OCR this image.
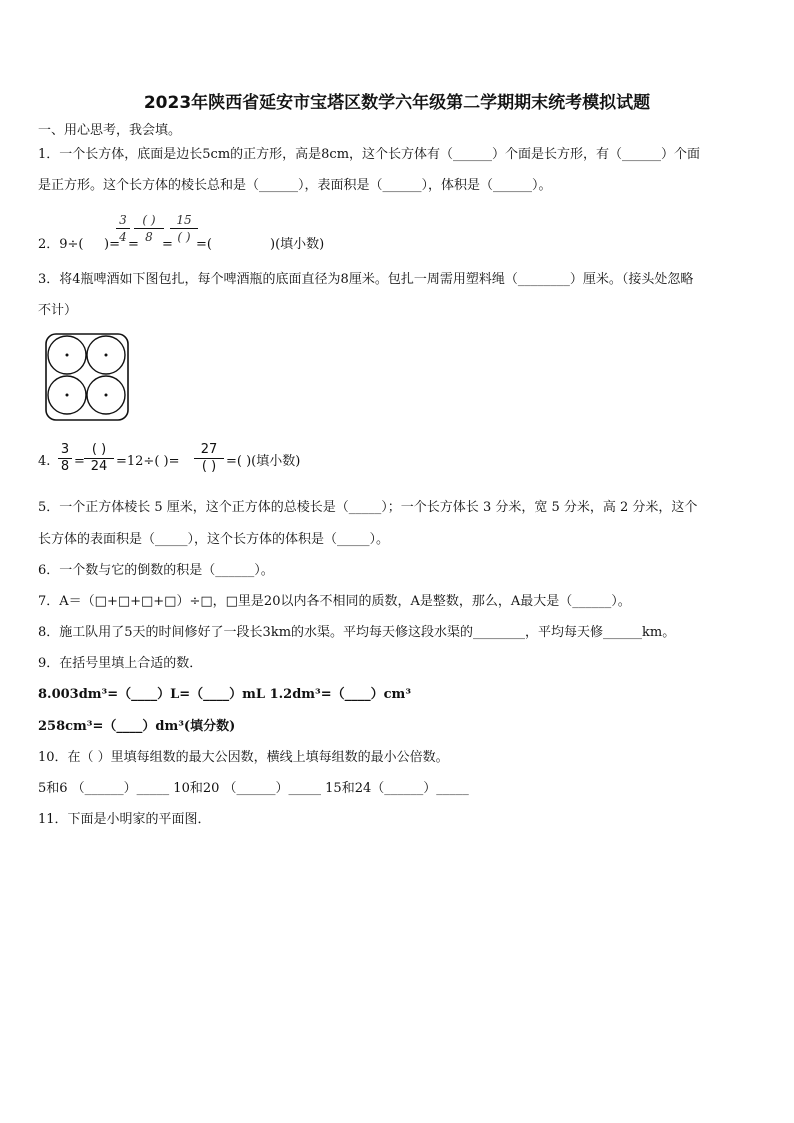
2023年陕西省延安市宝塔区数学六年级第二学期期末统考模拟试题
一、用心思考，我会填。
1．一个长方体，底面是边长5cm的正方形，高是8cm，这个长方体有（______）个面是长方形，有（______）个面
是正方形。这个长方体的棱长总和是（______），表面积是（______），体积是（______）。
2．9÷( )=
$\frac{3}{4}$
=
( )
8 =
15
( ) =(	)(填小数)
3．将4瓶啤酒如下图包扎，每个啤酒瓶的底面直径为8厘米。包扎一周需用塑料绳（________）厘米。（接头处忽略
不计）
4. $\frac{3}{8}$ =
( )
24 =12÷( )=
27
( ) =( )(填小数)
5．一个正方体棱长 5 厘米，这个正方体的总棱长是（_____）；一个长方体长 3 分米，宽 5 分米，高 2 分米，这个
长方体的表面积是（_____），这个长方体的体积是（_____）。
6．一个数与它的倒数的积是（______）。
7．A＝（□+□+□+□）÷□，□里是20以内各不相同的质数，A是整数，那么，A最大是（______）。
8．施工队用了5天的时间修好了一段长3km的水渠。平均每天修这段水渠的________，平均每天修______km。
9．在括号里填上合适的数．
8.003dm³=（____）L=（____）mL 1.2dm³=（____）cm³
258cm³=（____）dm³(填分数)
10．在（ ）里填每组数的最大公因数，横线上填每组数的最小公倍数。
5和6 （______）_____ 10和20 （______）_____ 15和24（______）_____
11．下面是小明家的平面图．
